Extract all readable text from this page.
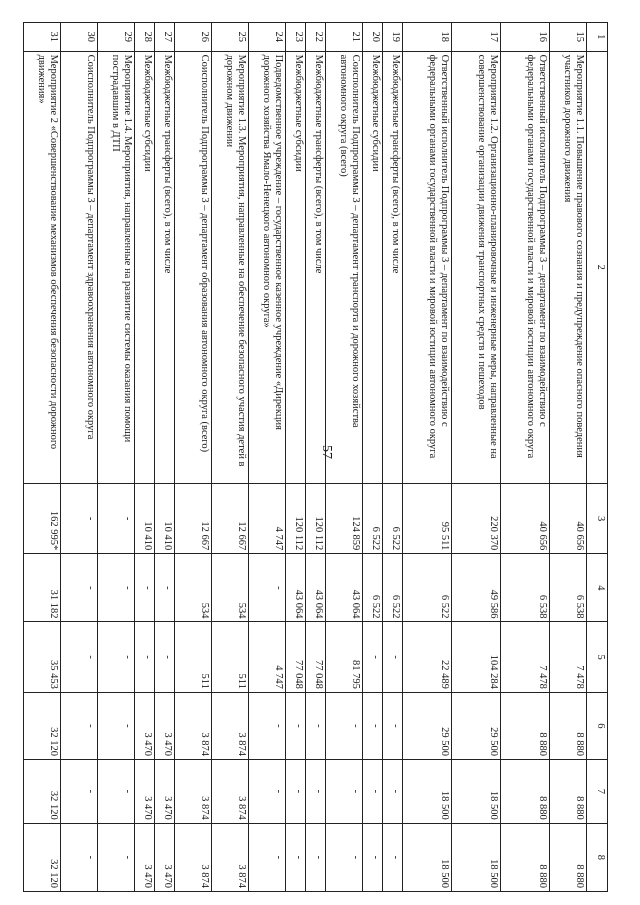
57
1	2	3	4	5	6	7	8
15	Мероприятие 1.1. Повышение правового сознания и предупреждение опасного поведения участников дорожного движения	40 656	6 538	7 478	8 880	8 880	8 880
16	Ответственный исполнитель Подпрограммы 3 – департамент по взаимодействию с федеральными органами государственной власти и мировой юстиции автономного округа	40 656	6 538	7 478	8 880	8 880	8 880
17	Мероприятие 1.2. Организационно-планировочные и инженерные меры, направленные на совершенствование организации движения транспортных средств и пешеходов	220 370	49 586	104 284	29 500	18 500	18 500
18	Ответственный исполнитель Подпрограммы 3 – департамент по взаимодействию с федеральными органами государственной власти и мировой юстиции автономного округа	95 511	6 522	22 489	29 500	18 500	18 500
19	Межбюджетные трансферты (всего), в том числе	6 522	6 522	-	-	-	-
20	Межбюджетные субсидии	6 522	6 522	-	-	-	-
21	Соисполнитель Подпрограммы 3 – департамент транспорта и дорожного хозяйства автономного округа (всего)	124 859	43 064	81 795	-	-	-
22	Межбюджетные трансферты (всего), в том числе	120 112	43 064	77 048	-	-	-
23	Межбюджетные субсидии	120 112	43 064	77 048	-	-	-
24	Подведомственное учреждение – государственное казенное учреждение «Дирекция дорожного хозяйства Ямало-Ненецкого автономного округа»	4 747	-	4 747	-	-	-
25	Мероприятие 1.3. Мероприятия, направленные на обеспечение безопасного участия детей в дорожном движении	12 667	534	511	3 874	3 874	3 874
26	Соисполнитель Подпрограммы 3 – департамент образования автономного округа (всего)	12 667	534	511	3 874	3 874	3 874
27	Межбюджетные трансферты (всего), в том числе	10 410	-	-	3 470	3 470	3 470
28	Межбюджетные субсидии	10 410	-	-	3 470	3 470	3 470
29	Мероприятие 1.4. Мероприятия, направленные на развитие системы оказания помощи пострадавшим в ДТП	-	-	-	-	-	-
30	Соисполнитель Подпрограммы 3 – департамент здравоохранения автономного округа	-	-	-	-	-	-
31	Мероприятие 2 «Совершенствование механизмов обеспечения безопасности дорожного движения»	162 995*	31 182	35 453	32 120	32 120	32 120
